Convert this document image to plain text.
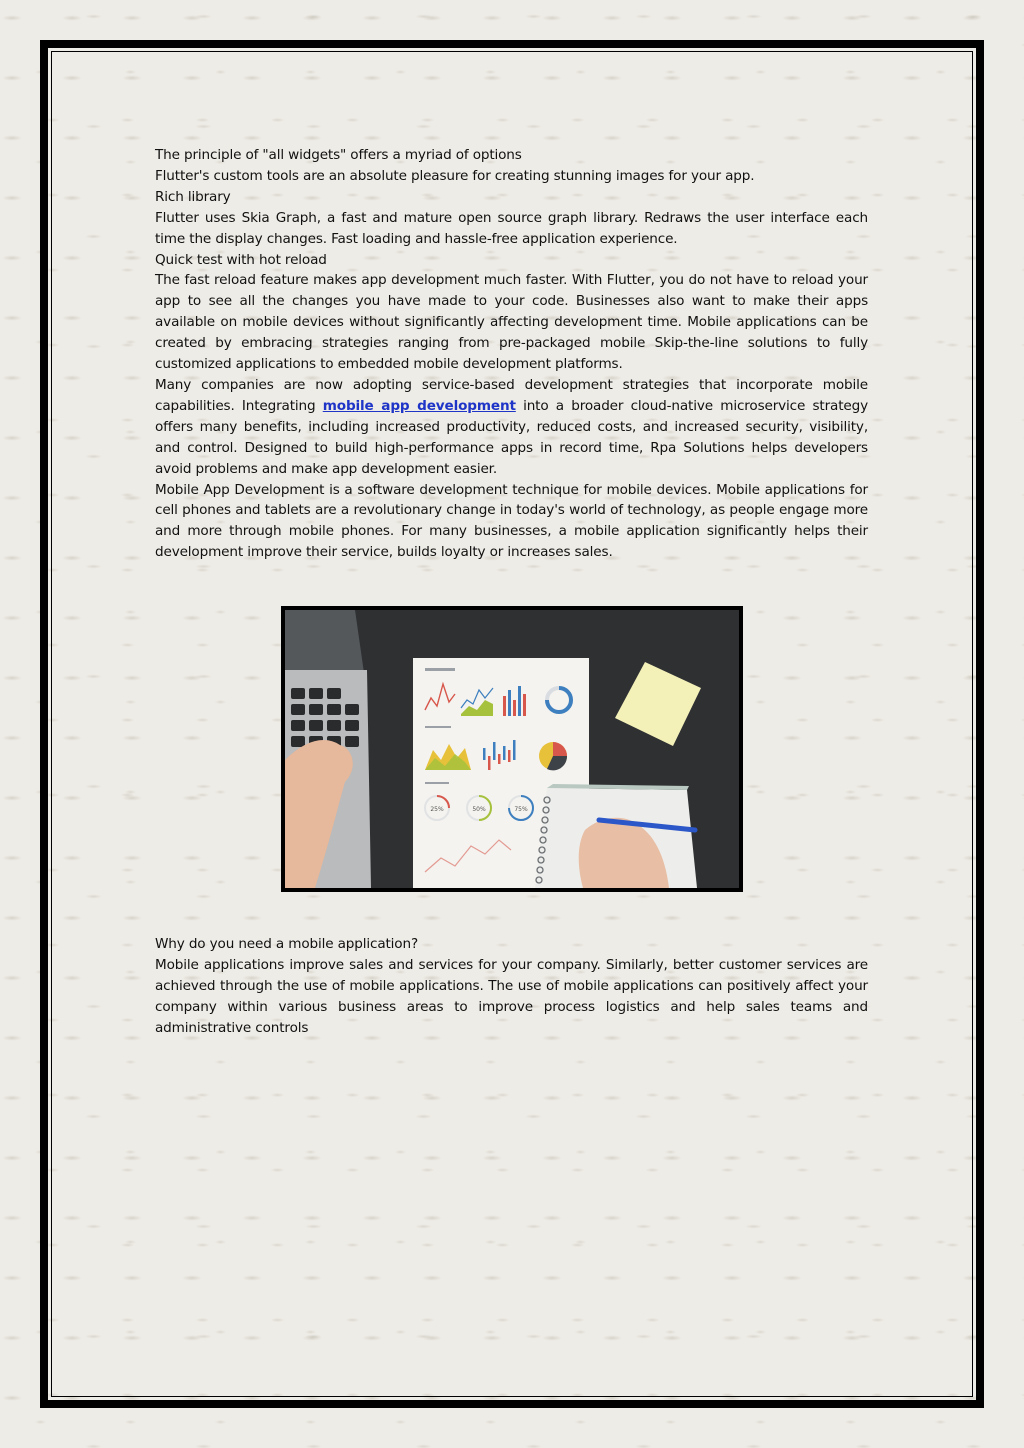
The principle of "all widgets" offers a myriad of options

Flutter's custom tools are an absolute pleasure for creating stunning images for your app.

Rich library

Flutter uses Skia Graph, a fast and mature open source graph library. Redraws the user interface each time the display changes. Fast loading and hassle-free application experience.

Quick test with hot reload

The fast reload feature makes app development much faster. With Flutter, you do not have to reload your app to see all the changes you have made to your code. Businesses also want to make their apps available on mobile devices without significantly affecting development time. Mobile applications can be created by embracing strategies ranging from pre-packaged mobile Skip-the-line solutions to fully customized applications to embedded mobile development platforms.

Many companies are now adopting service-based development strategies that incorporate mobile capabilities. Integrating mobile app development into a broader cloud-native microservice strategy offers many benefits, including increased productivity, reduced costs, and increased security, visibility, and control. Designed to build high-performance apps in record time, Rpa Solutions helps developers avoid problems and make app development easier.

Mobile App Development is a software development technique for mobile devices. Mobile applications for cell phones and tablets are a revolutionary change in today's world of technology, as people engage more and more through mobile phones. For many businesses, a mobile application significantly helps their development improve their service, builds loyalty or increases sales.

25%	50%	75%

Why do you need a mobile application?

Mobile applications improve sales and services for your company. Similarly, better customer services are achieved through the use of mobile applications. The use of mobile applications can positively affect your company within various business areas to improve process logistics and help sales teams and administrative controls
